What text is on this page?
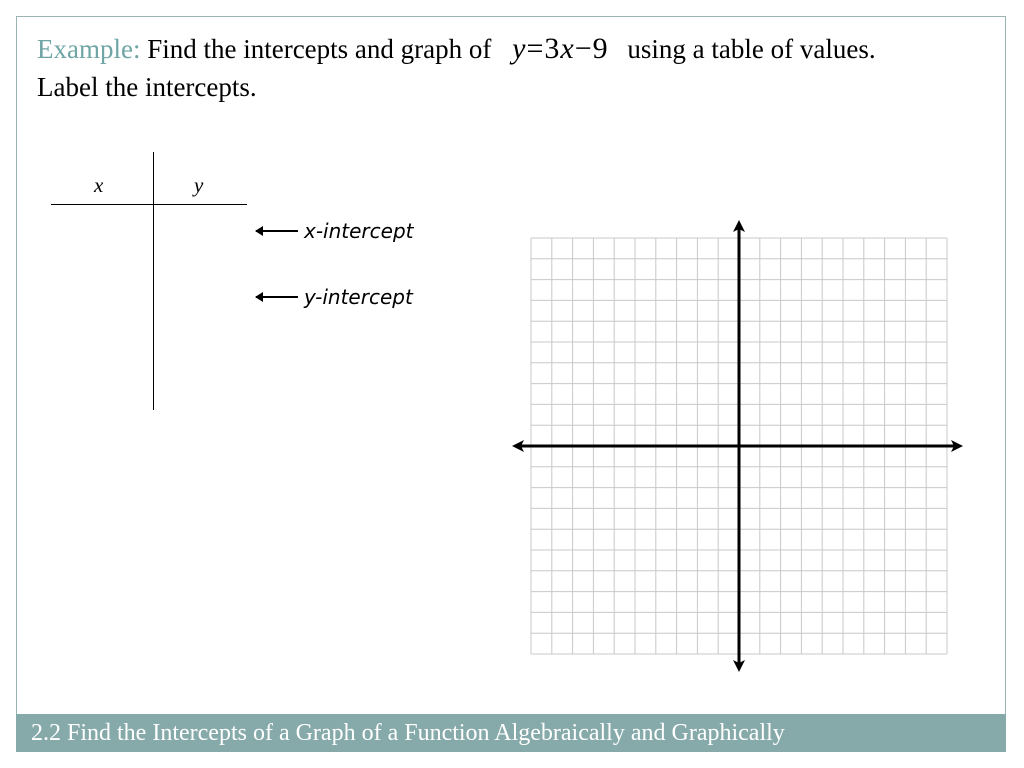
Example: Find the intercepts and graph of y=3x−9 using a table of values. Label the intercepts.
x	y
x-intercept
y-intercept
2.2 Find the Intercepts of a Graph of a Function Algebraically and Graphically
